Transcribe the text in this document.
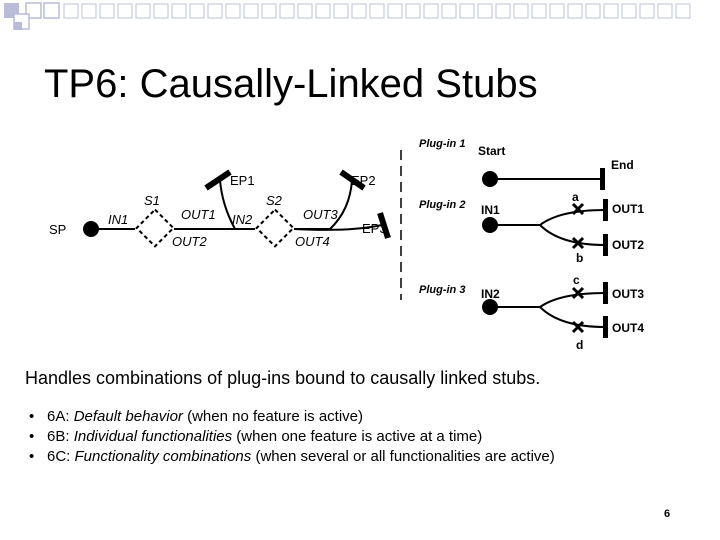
TP6: Causally-Linked Stubs
SP
S1	S2
IN1	OUT1
OUT2
IN2	OUT3
OUT4
EP1	EP2
EP3
Plug-in 1 Start
End
Plug-in 2 IN1
a
OUT1
b
OUT2
Plug-in 3 IN2
c
OUT3
d
OUT4

Handles combinations of plug-ins bound to causally linked stubs.

• 6A: Default behavior (when no feature is active)
• 6B: Individual functionalities (when one feature is active at a time)
• 6C: Functionality combinations (when several or all functionalities are active)
6
